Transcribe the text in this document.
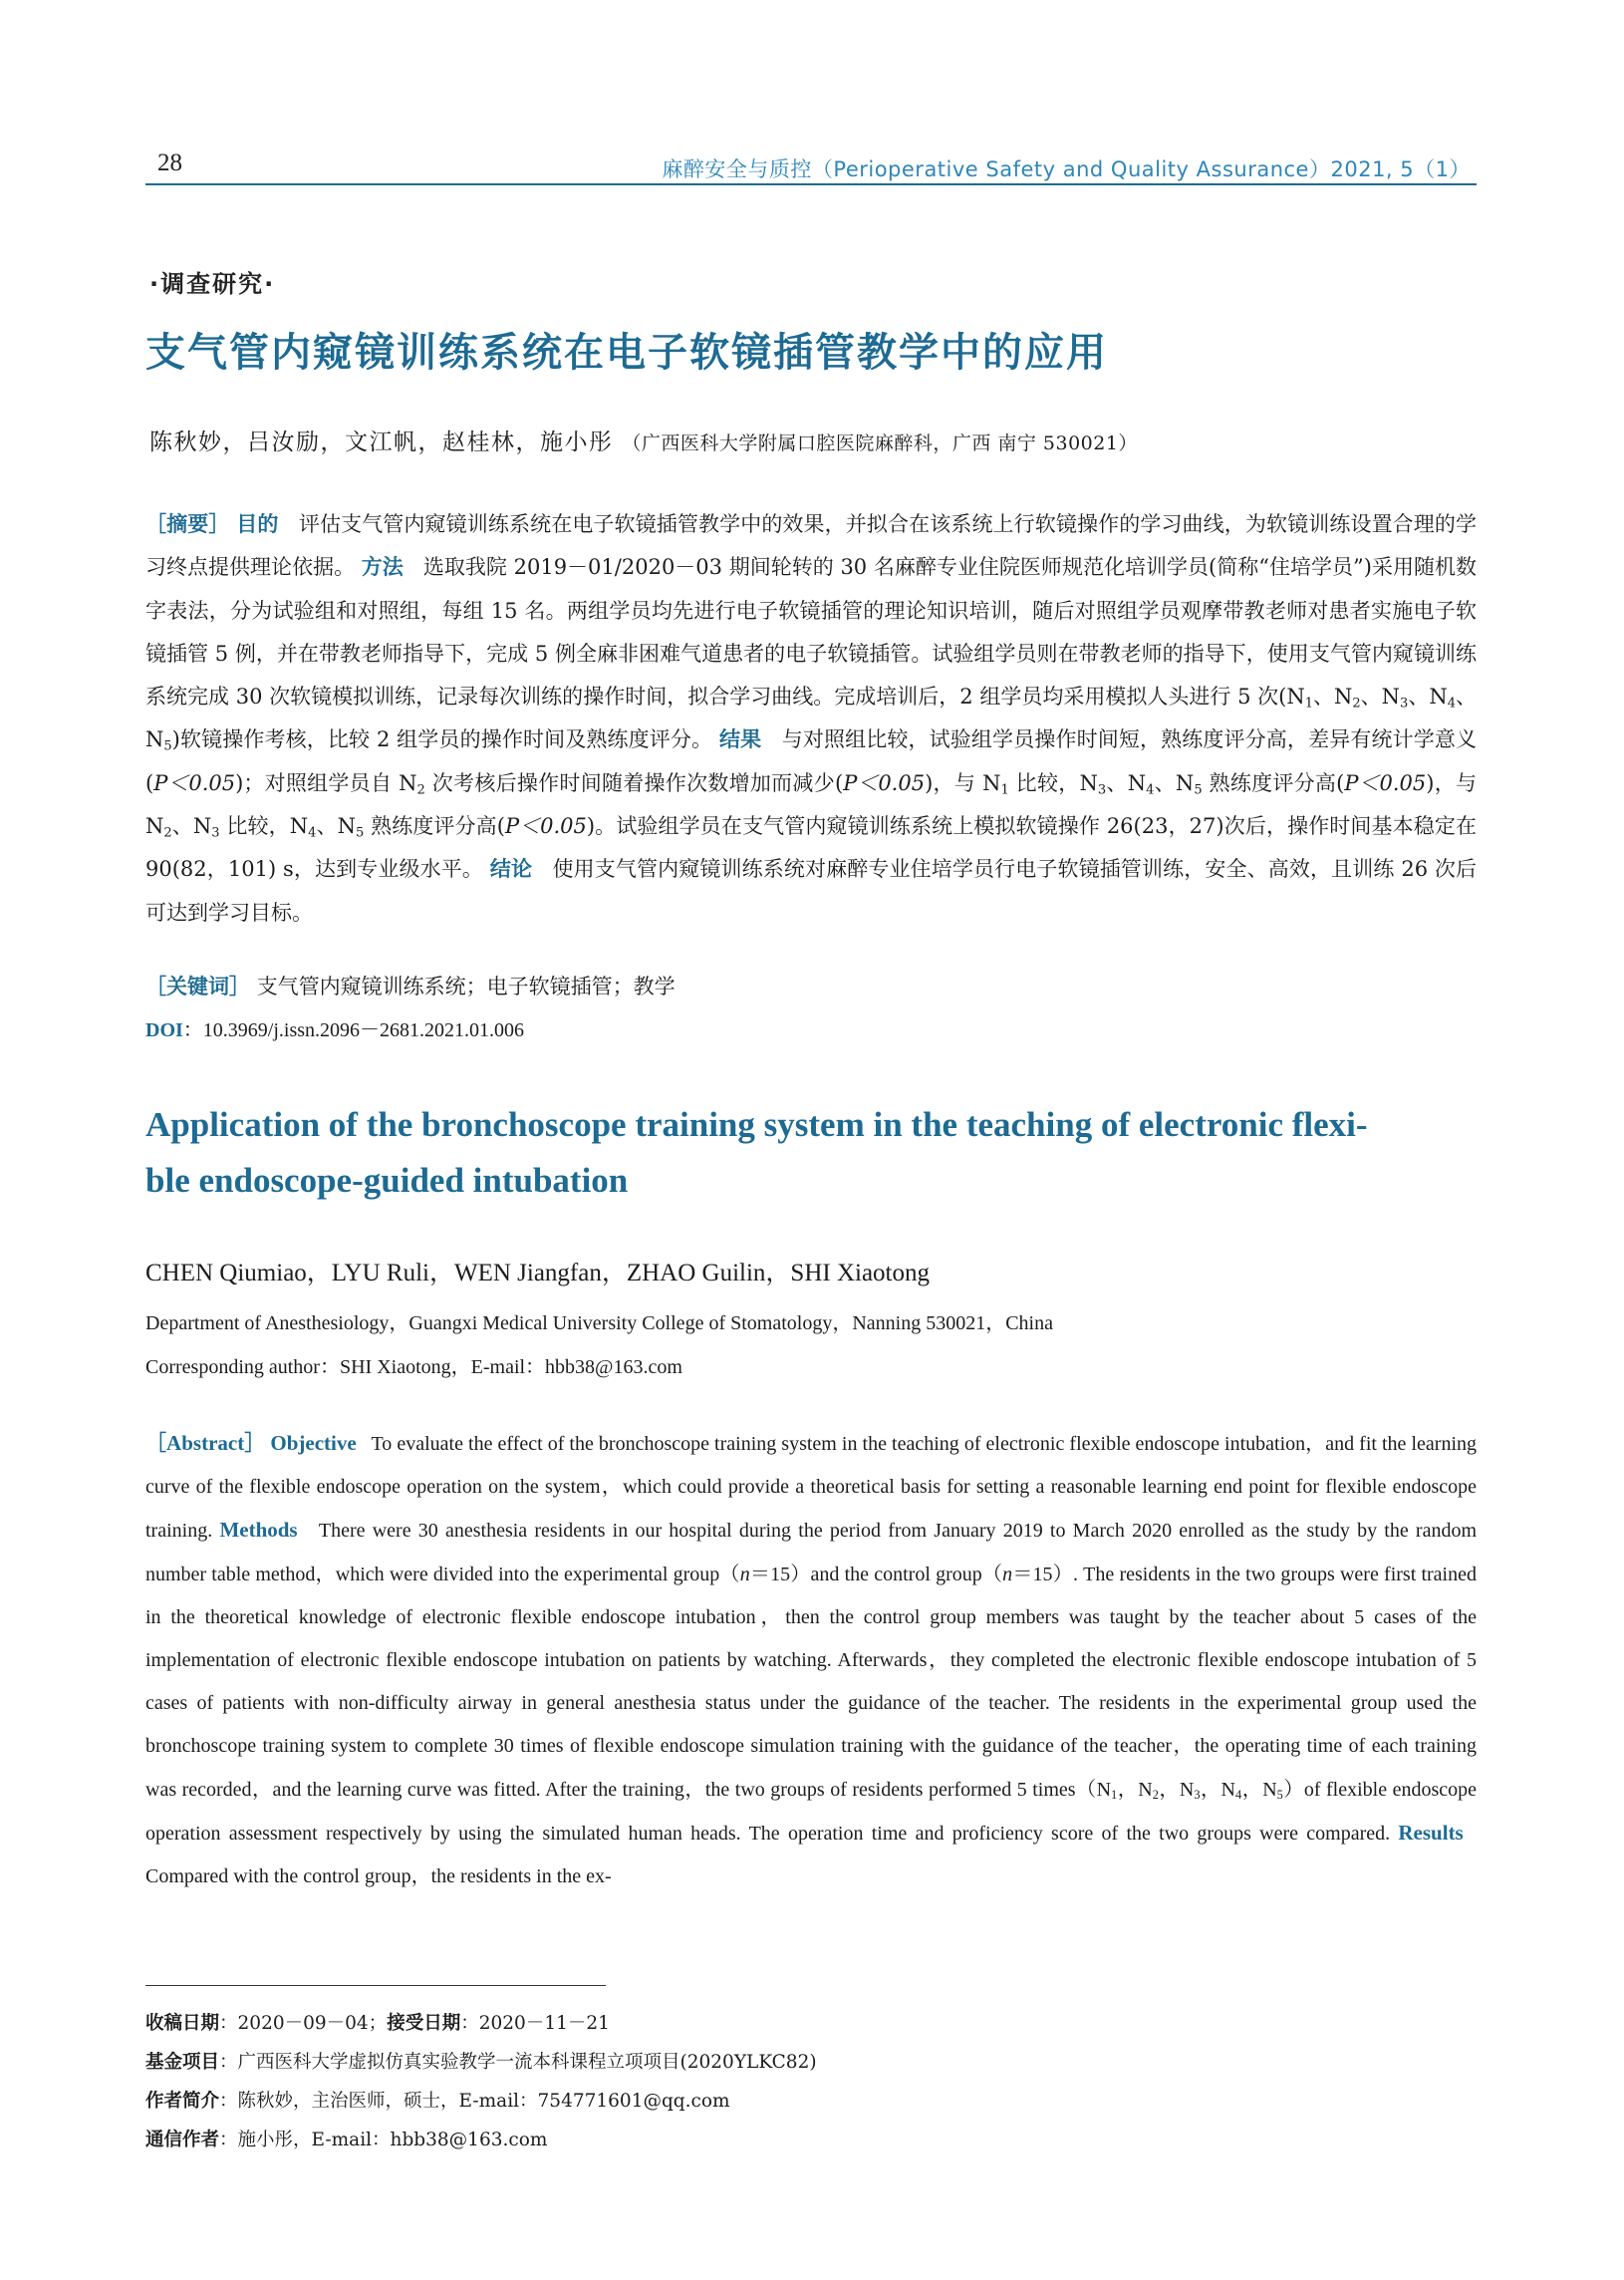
28	麻醉安全与质控（Perioperative Safety and Quality Assurance）2021, 5（1）
·调查研究·
支气管内窥镜训练系统在电子软镜插管教学中的应用
陈秋妙，吕汝励，文江帆，赵桂林，施小彤 （广西医科大学附属口腔医院麻醉科，广西 南宁 530021）
［摘要］ 目的 评估支气管内窥镜训练系统在电子软镜插管教学中的效果，并拟合在该系统上行软镜操作的学习曲线，为软镜训练设置合理的学习终点提供理论依据。 方法 选取我院 2019－01/2020－03 期间轮转的 30 名麻醉专业住院医师规范化培训学员(简称“住培学员”)采用随机数字表法，分为试验组和对照组，每组 15 名。两组学员均先进行电子软镜插管的理论知识培训，随后对照组学员观摩带教老师对患者实施电子软镜插管 5 例，并在带教老师指导下，完成 5 例全麻非困难气道患者的电子软镜插管。试验组学员则在带教老师的指导下，使用支气管内窥镜训练系统完成 30 次软镜模拟训练，记录每次训练的操作时间，拟合学习曲线。完成培训后，2 组学员均采用模拟人头进行 5 次($N_1$、$N_2$、$N_3$、$N_4$、$N_5$)软镜操作考核，比较 2 组学员的操作时间及熟练度评分。 结果 与对照组比较，试验组学员操作时间短，熟练度评分高，差异有统计学意义(P＜0.05)；对照组学员自 $N_2$ 次考核后操作时间随着操作次数增加而减少(P＜0.05)，与 $N_1$ 比较，$N_3$、$N_4$、$N_5$ 熟练度评分高(P＜0.05)，与 $N_2$、$N_3$ 比较，$N_4$、$N_5$ 熟练度评分高(P＜0.05)。试验组学员在支气管内窥镜训练系统上模拟软镜操作 26(23，27)次后，操作时间基本稳定在 90(82，101) s，达到专业级水平。 结论 使用支气管内窥镜训练系统对麻醉专业住培学员行电子软镜插管训练，安全、高效，且训练 26 次后可达到学习目标。
［关键词］ 支气管内窥镜训练系统；电子软镜插管；教学
DOI：10.3969/j.issn.2096－2681.2021.01.006
Application of the bronchoscope training system in the teaching of electronic flexi-
ble endoscope-guided intubation
CHEN Qiumiao，LYU Ruli，WEN Jiangfan，ZHAO Guilin，SHI Xiaotong
Department of Anesthesiology，Guangxi Medical University College of Stomatology，Nanning 530021，China
Corresponding author：SHI Xiaotong，E-mail：hbb38@163.com
［Abstract］ Objective To evaluate the effect of the bronchoscope training system in the teaching of electronic flexible endoscope intubation，and fit the learning curve of the flexible endoscope operation on the system，which could provide a theoretical basis for setting a reasonable learning end point for flexible endoscope training. Methods There were 30 anesthesia residents in our hospital during the period from January 2019 to March 2020 enrolled as the study by the random number table method，which were divided into the experimental group（n＝15）and the control group（n＝15）. The residents in the two groups were first trained in the theoretical knowledge of electronic flexible endoscope intubation，then the control group members was taught by the teacher about 5 cases of the implementation of electronic flexible endoscope intubation on patients by watching. Afterwards，they completed the electronic flexible endoscope intubation of 5 cases of patients with non-difficulty airway in general anesthesia status under the guidance of the teacher. The residents in the experimental group used the bronchoscope training system to complete 30 times of flexible endoscope simulation training with the guidance of the teacher，the operating time of each training was recorded，and the learning curve was fitted. After the training，the two groups of residents performed 5 $times(N_1$，$N_2$，$N_3$，$N_4$，$N_5)of$ flexible endoscope operation assessment respectively by using the simulated human heads. The operation time and proficiency score of the two groups were compared. Results   Compared with the control group，the residents in the ex-
收稿日期：2020－09－04；接受日期：2020－11－21
基金项目：广西医科大学虚拟仿真实验教学一流本科课程立项项目(2020YLKC82)
作者简介：陈秋妙，主治医师，硕士，E-mail：754771601@qq.com
通信作者：施小彤，E-mail：hbb38@163.com
